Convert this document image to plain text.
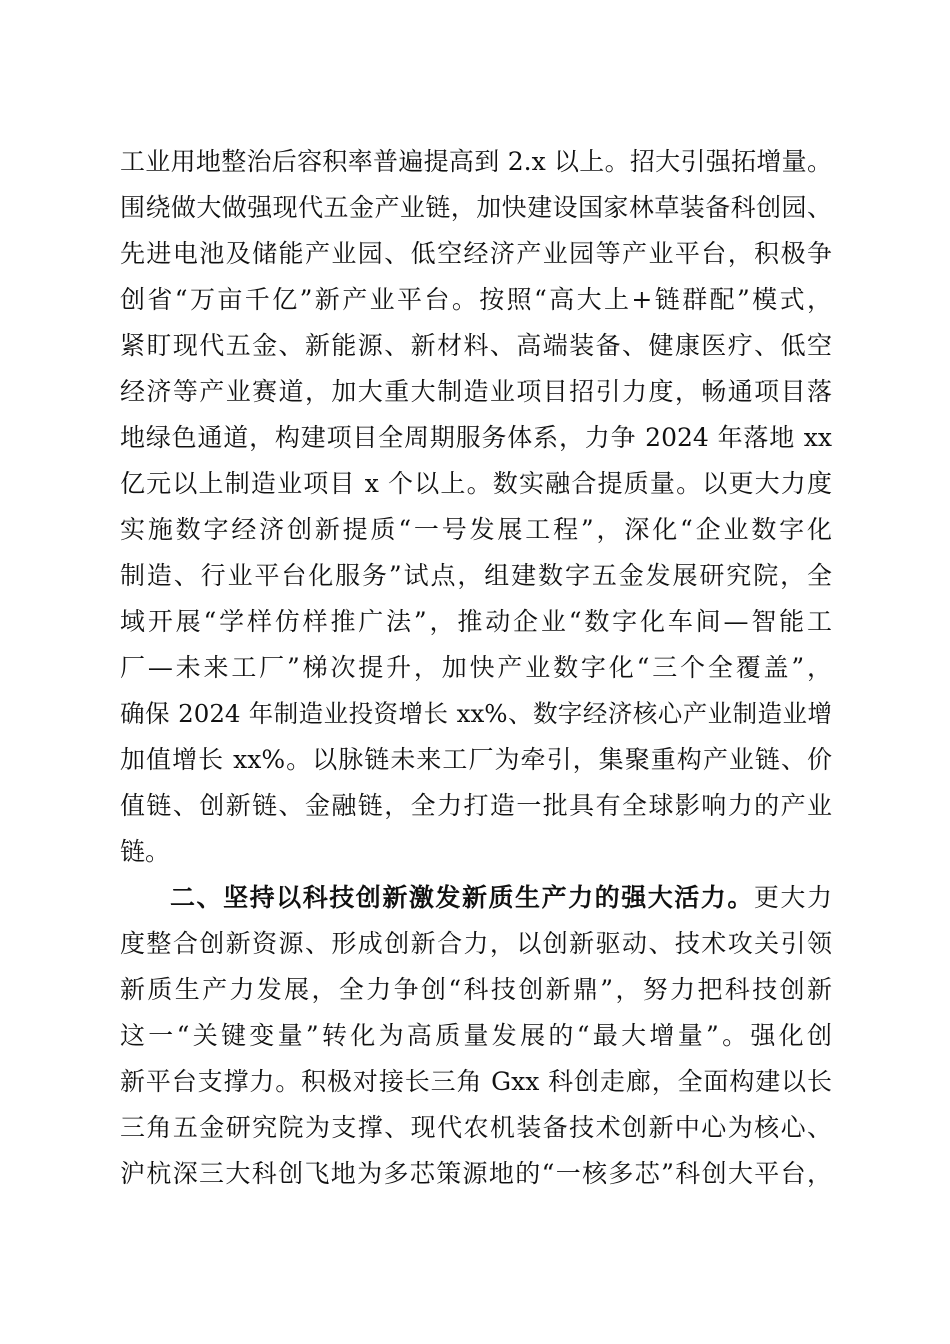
工业用地整治后容积率普遍提高到 2.x 以上。招大引强拓增量。
围绕做大做强现代五金产业链，加快建设国家林草装备科创园、
先进电池及储能产业园、低空经济产业园等产业平台，积极争
创省“万亩千亿”新产业平台。按照“高大上+链群配”模式，
紧盯现代五金、新能源、新材料、高端装备、健康医疗、低空
经济等产业赛道，加大重大制造业项目招引力度，畅通项目落
地绿色通道，构建项目全周期服务体系，力争 2024 年落地 xx
亿元以上制造业项目 x 个以上。数实融合提质量。以更大力度
实施数字经济创新提质“一号发展工程”，深化“企业数字化
制造、行业平台化服务”试点，组建数字五金发展研究院，全
域开展“学样仿样推广法”，推动企业“数字化车间—智能工
厂—未来工厂”梯次提升，加快产业数字化“三个全覆盖”，
确保 2024 年制造业投资增长 xx%、数字经济核心产业制造业增
加值增长 xx%。以脉链未来工厂为牵引，集聚重构产业链、价
值链、创新链、金融链，全力打造一批具有全球影响力的产业
链。
二、坚持以科技创新激发新质生产力的强大活力。更大力
度整合创新资源、形成创新合力，以创新驱动、技术攻关引领
新质生产力发展，全力争创“科技创新鼎”，努力把科技创新
这一“关键变量”转化为高质量发展的“最大增量”。强化创
新平台支撑力。积极对接长三角 Gxx 科创走廊，全面构建以长
三角五金研究院为支撑、现代农机装备技术创新中心为核心、
沪杭深三大科创飞地为多芯策源地的“一核多芯”科创大平台，
